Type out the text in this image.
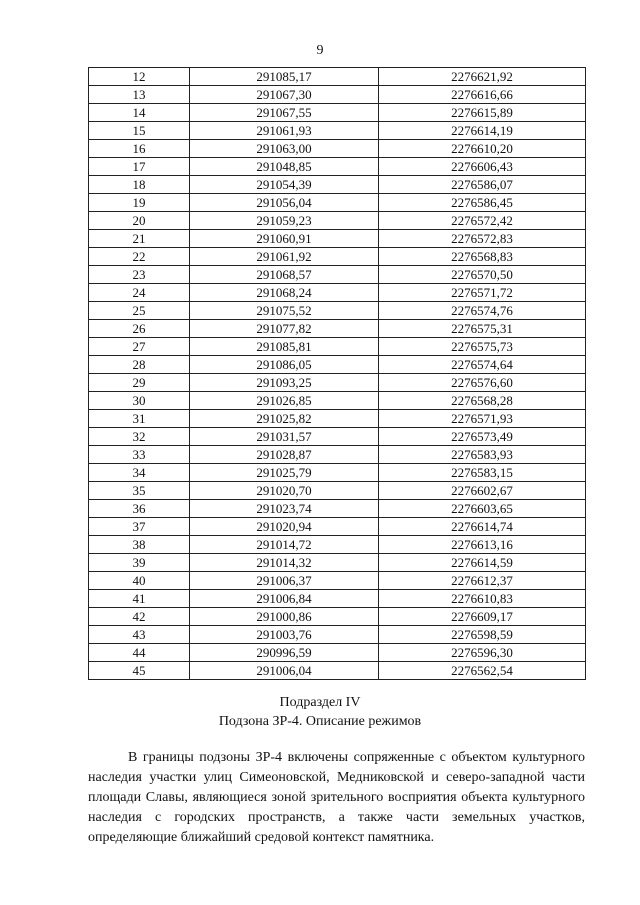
9
12	291085,17	2276621,92
13	291067,30	2276616,66
14	291067,55	2276615,89
15	291061,93	2276614,19
16	291063,00	2276610,20
17	291048,85	2276606,43
18	291054,39	2276586,07
19	291056,04	2276586,45
20	291059,23	2276572,42
21	291060,91	2276572,83
22	291061,92	2276568,83
23	291068,57	2276570,50
24	291068,24	2276571,72
25	291075,52	2276574,76
26	291077,82	2276575,31
27	291085,81	2276575,73
28	291086,05	2276574,64
29	291093,25	2276576,60
30	291026,85	2276568,28
31	291025,82	2276571,93
32	291031,57	2276573,49
33	291028,87	2276583,93
34	291025,79	2276583,15
35	291020,70	2276602,67
36	291023,74	2276603,65
37	291020,94	2276614,74
38	291014,72	2276613,16
39	291014,32	2276614,59
40	291006,37	2276612,37
41	291006,84	2276610,83
42	291000,86	2276609,17
43	291003,76	2276598,59
44	290996,59	2276596,30
45	291006,04	2276562,54
Подраздел IV
Подзона ЗР-4. Описание режимов

В границы подзоны ЗР-4 включены сопряженные с объектом культурного наследия участки улиц Симеоновской, Медниковской и северо-западной части площади Славы, являющиеся зоной зрительного восприятия объекта культурного наследия с городских пространств, а также части земельных участков, определяющие ближайший средовой контекст памятника.
